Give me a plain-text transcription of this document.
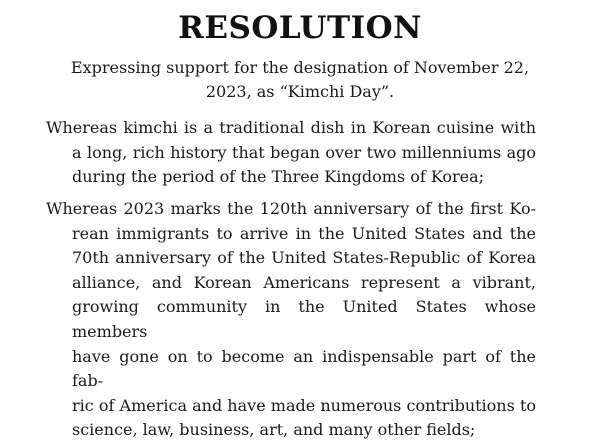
RESOLUTION
Expressing support for the designation of November 22,
2023, as “Kimchi Day”.
Whereas kimchi is a traditional dish in Korean cuisine with
a long, rich history that began over two millenniums ago
during the period of the Three Kingdoms of Korea;
Whereas 2023 marks the 120th anniversary of the first Ko-
rean immigrants to arrive in the United States and the
70th anniversary of the United States-Republic of Korea
alliance, and Korean Americans represent a vibrant,
growing community in the United States whose members
have gone on to become an indispensable part of the fab-
ric of America and have made numerous contributions to
science, law, business, art, and many other fields;
